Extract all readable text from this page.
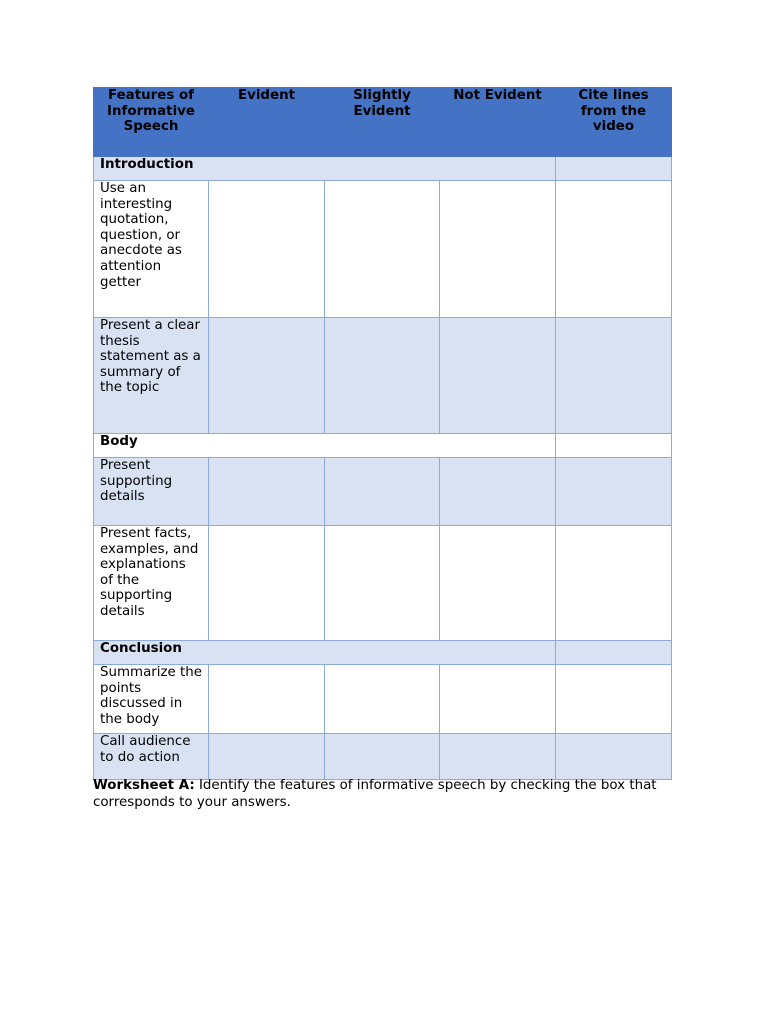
Features of Informative Speech	Evident	Slightly Evident	Not Evident	Cite lines from the video
Introduction				
Use an interesting quotation, question, or anecdote as attention getter				
Present a clear thesis statement as a summary of the topic				
Body				
Present supporting details				
Present facts, examples, and explanations of the supporting details				
Conclusion				
Summarize the points discussed in the body				
Call audience to do action				

Worksheet A: Identify the features of informative speech by checking the box that corresponds to your answers.
